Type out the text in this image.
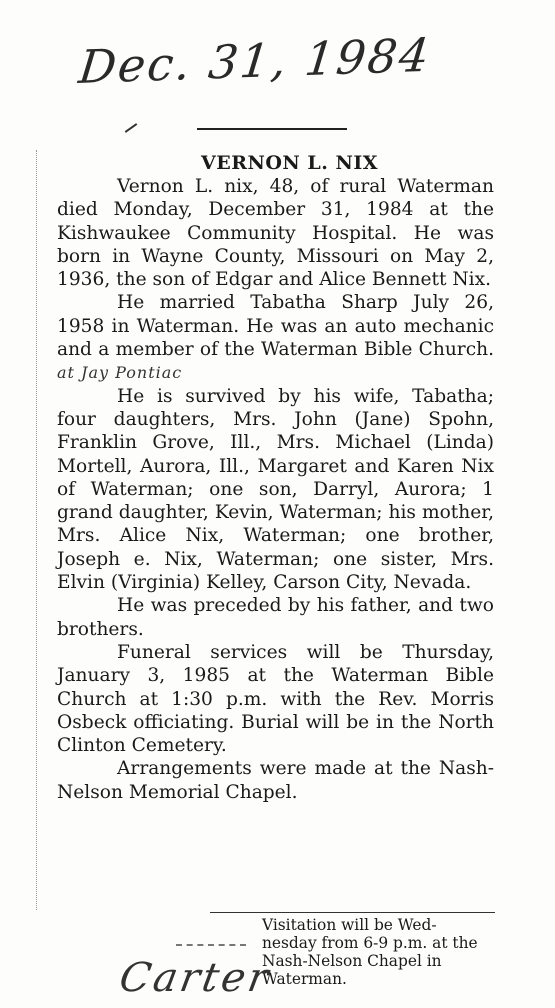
Dec. 31, 1984
VERNON L. NIX

Vernon L. nix, 48, of rural Waterman died Monday, December 31, 1984 at the Kishwaukee Community Hospital. He was born in Wayne County, Missouri on May 2, 1936, the son of Edgar and Alice Bennett Nix.

He married Tabatha Sharp July 26, 1958 in Waterman. He was an auto mechanic and a member of the Waterman Bible Church. at Jay Pontiac

He is survived by his wife, Tabatha; four daughters, Mrs. John (Jane) Spohn, Franklin Grove, Ill., Mrs. Michael (Linda) Mortell, Aurora, Ill., Margaret and Karen Nix of Waterman; one son, Darryl, Aurora; 1 grand daughter, Kevin, Waterman; his mother, Mrs. Alice Nix, Waterman; one brother, Joseph e. Nix, Waterman; one sister, Mrs. Elvin (Virginia) Kelley, Carson City, Nevada.

He was preceded by his father, and two brothers.

Funeral services will be Thursday, January 3, 1985 at the Waterman Bible Church at 1:30 p.m. with the Rev. Morris Osbeck officiating. Burial will be in the North Clinton Cemetery.

Arrangements were made at the Nash-Nelson Memorial Chapel.

Visitation will be Wed-
nesday from 6-9 p.m. at the
Nash-Nelson Chapel in
Waterman.
Carter
